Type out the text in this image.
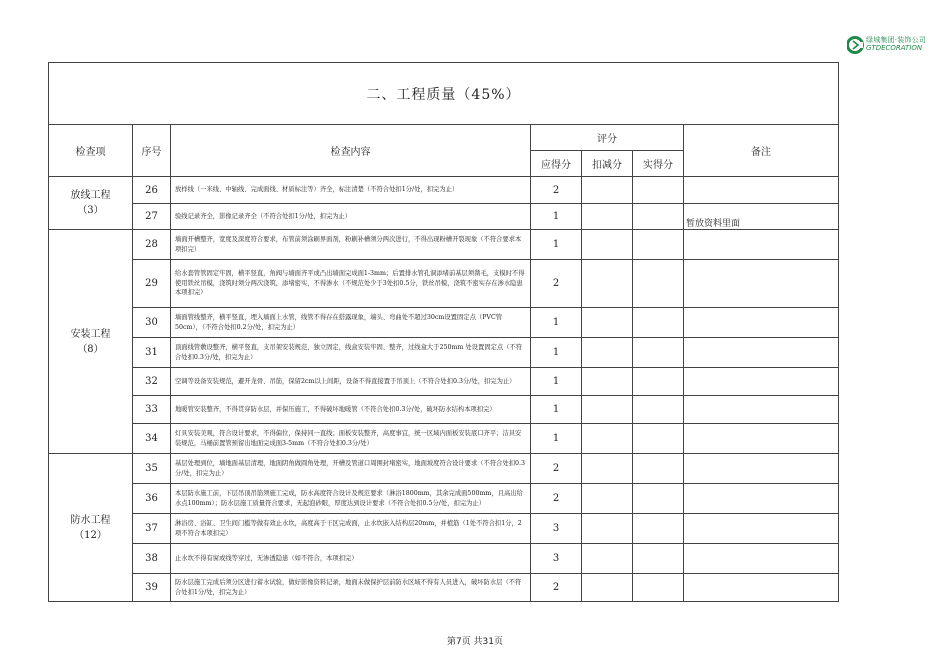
绿城集团·装饰公司
GTDECORATION
二、工程质量（45%）						
检查项	序号	检查内容	评分			备注
			应得分	扣减分	实得分	

放线工程
（3）	26	放样线（一米线、中轴线、完成面线、材质标注等）齐全，标注清楚（不符合处扣1分/处，扣完为止）	2			
	27	验线记录齐全，影像记录齐全（不符合处扣1分/处，扣完为止）	1			暂放资料里面

安装工程
（8）	28	墙面开槽整齐，宽度及深度符合要求，布管前须涂刷界面剂，粉刷补槽须分两次进行，不得出现粉槽开裂现象（不符合要求本项扣完）	1			
	29	给水套管管固定牢固，横平竖直，角阀与墙面齐平或凸出墙面完成面1-3mm；后置排水管孔洞添堵前基层须凿毛，支模时不得使用铁丝吊模，浇筑时须分两次浇筑，添堵密实，不得渗水（不规范处少于3处扣0.5分，铁丝吊模，浇筑不密实存在渗水隐患本项扣完）	2			
	30	墙面管线整齐，横平竖直，埋入墙面上水管，线管不得存在搭露现象，端头、弯曲处不超过30cm设置固定点（PVC管50cm），（不符合处扣0.2分/处，扣完为止）	1			
	31	顶面线管敷设整齐，横平竖直，支吊架安装规范，独立固定，线盒安装牢固、整齐，过线盒大于250mm 处设置固定点（不符合处扣0.3分/处，扣完为止）	1			
	32	空调等设备安装规范，避开龙骨、吊筋，保留2cm以上间距，设备不得直接置于吊顶上（不符合处扣0.3分/处，扣完为止）	1			
	33	地暖管安装整齐，不得贯穿防水层，并保压施工，不得破坏地暖管（不符合处扣0.3分/处，破坏防水结构本项扣完）	1			
	34	灯具安装美观，符合设计要求，不得偏位，保持同一直线；面板安装整齐，高度事宜，统一区域内面板安装底口齐平；洁具安装规范，马桶前置管预留出地面完成面3-5mm（不符合处扣0.3分/处）	1			

防水工程
（12）	35	基层处理到位，墙地面基层清理，地面阴角做圆角处理，开槽及管道口周围封堵密实，地面坡度符合设计要求（不符合处扣0.3分/处，扣完为止）	2			
	36	本层防水施工前，下层吊顶吊筋须施工完成，防水高度符合设计及规范要求（淋浴1800mm，其余完成面500mm，且高出给水点100mm）；防水层施工质量符合要求，无起泡砂眼，厚度达到设计要求（不符合处扣0.5分/处，扣完为止）	2			
	37	淋浴房、浴缸、卫生间门槛等做有效止水坎，高度高于干区完成面，止水坎嵌入结构层20mm，并植筋（1处不符合扣1分，2项不符合本项扣完）	3			
	38	止水坎不得有窗或线等穿过，无渗透隐患（如不符合，本项扣完）	3			
	39	防水层施工完成后须分区进行蓄水试验，做好影像资料记录，地面未做保护层前防水区域不得有人员进入，破坏防水层（不符合处扣1分/处，扣完为止）	2			
第7页 共31页
